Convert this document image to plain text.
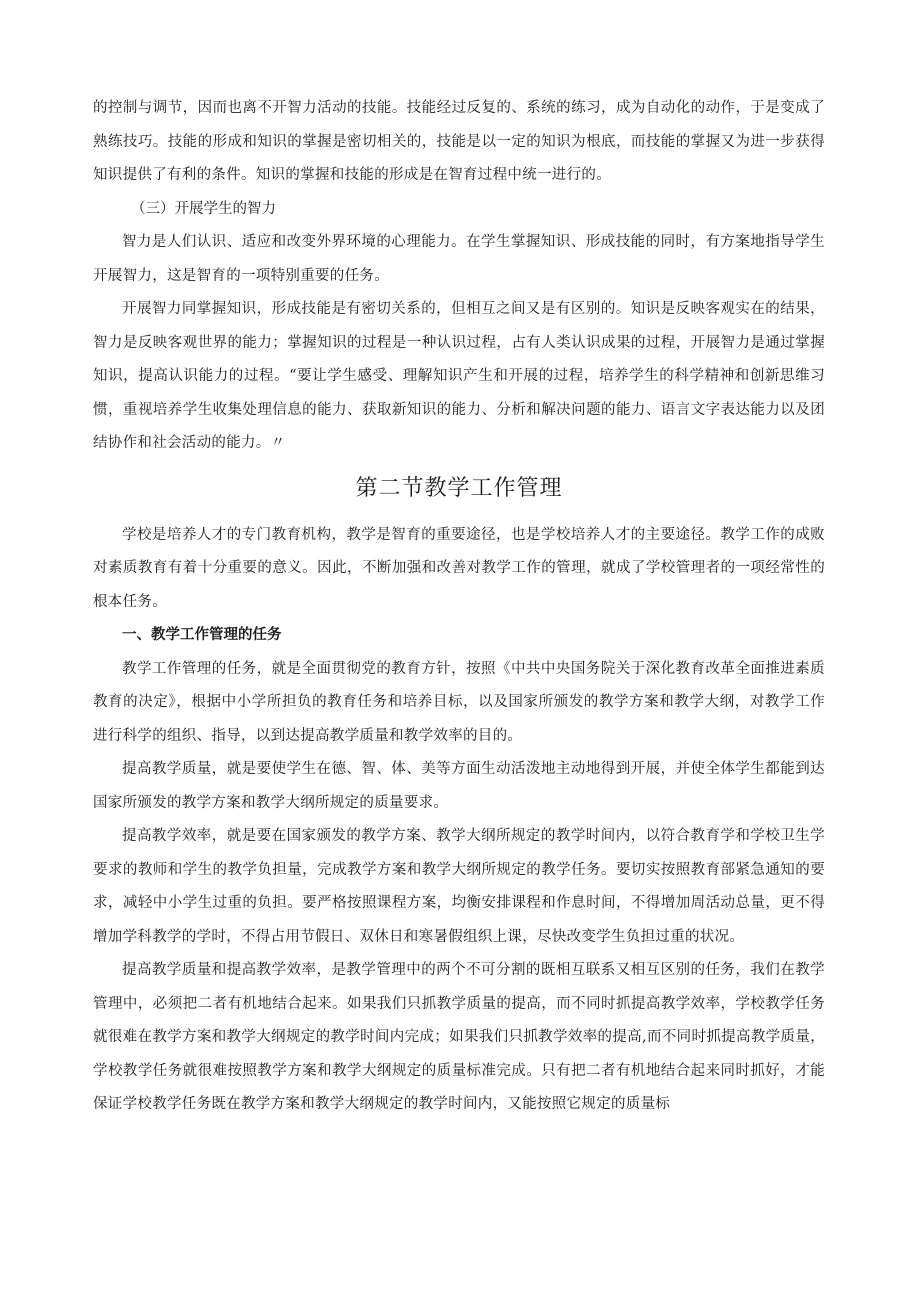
的控制与调节，因而也离不开智力活动的技能。技能经过反复的、系统的练习，成为自动化的动作，于是变成了熟练技巧。技能的形成和知识的掌握是密切相关的，技能是以一定的知识为根底，而技能的掌握又为进一步获得知识提供了有利的条件。知识的掌握和技能的形成是在智育过程中统一进行的。

（三）开展学生的智力

智力是人们认识、适应和改变外界环境的心理能力。在学生掌握知识、形成技能的同时，有方案地指导学生开展智力，这是智育的一项特别重要的任务。

开展智力同掌握知识，形成技能是有密切关系的，但相互之间又是有区别的。知识是反映客观实在的结果，智力是反映客观世界的能力；掌握知识的过程是一种认识过程，占有人类认识成果的过程，开展智力是通过掌握知识，提高认识能力的过程。“要让学生感受、理解知识产生和开展的过程，培养学生的科学精神和创新思维习惯，重视培养学生收集处理信息的能力、获取新知识的能力、分析和解决问题的能力、语言文字表达能力以及团结协作和社会活动的能力。〃

第二节教学工作管理

学校是培养人才的专门教育机构，教学是智育的重要途径，也是学校培养人才的主要途径。教学工作的成败对素质教育有着十分重要的意义。因此，不断加强和改善对教学工作的管理，就成了学校管理者的一项经常性的根本任务。

一、教学工作管理的任务

教学工作管理的任务，就是全面贯彻党的教育方针，按照《中共中央国务院关于深化教育改革全面推进素质教育的决定》，根据中小学所担负的教育任务和培养目标，以及国家所颁发的教学方案和教学大纲，对教学工作进行科学的组织、指导，以到达提高教学质量和教学效率的目的。

提高教学质量，就是要使学生在德、智、体、美等方面生动活泼地主动地得到开展，并使全体学生都能到达国家所颁发的教学方案和教学大纲所规定的质量要求。

提高教学效率，就是要在国家颁发的教学方案、教学大纲所规定的教学时间内，以符合教育学和学校卫生学要求的教师和学生的教学负担量，完成教学方案和教学大纲所规定的教学任务。要切实按照教育部紧急通知的要求，减轻中小学生过重的负担。要严格按照课程方案，均衡安排课程和作息时间，不得增加周活动总量，更不得增加学科教学的学时，不得占用节假日、双休日和寒暑假组织上课，尽快改变学生负担过重的状况。

提高教学质量和提高教学效率，是教学管理中的两个不可分割的既相互联系又相互区别的任务，我们在教学管理中，必须把二者有机地结合起来。如果我们只抓教学质量的提高，而不同时抓提高教学效率，学校教学任务就很难在教学方案和教学大纲规定的教学时间内完成；如果我们只抓教学效率的提高,而不同时抓提高教学质量，学校教学任务就很难按照教学方案和教学大纲规定的质量标准完成。只有把二者有机地结合起来同时抓好，才能保证学校教学任务既在教学方案和教学大纲规定的教学时间内，又能按照它规定的质量标
